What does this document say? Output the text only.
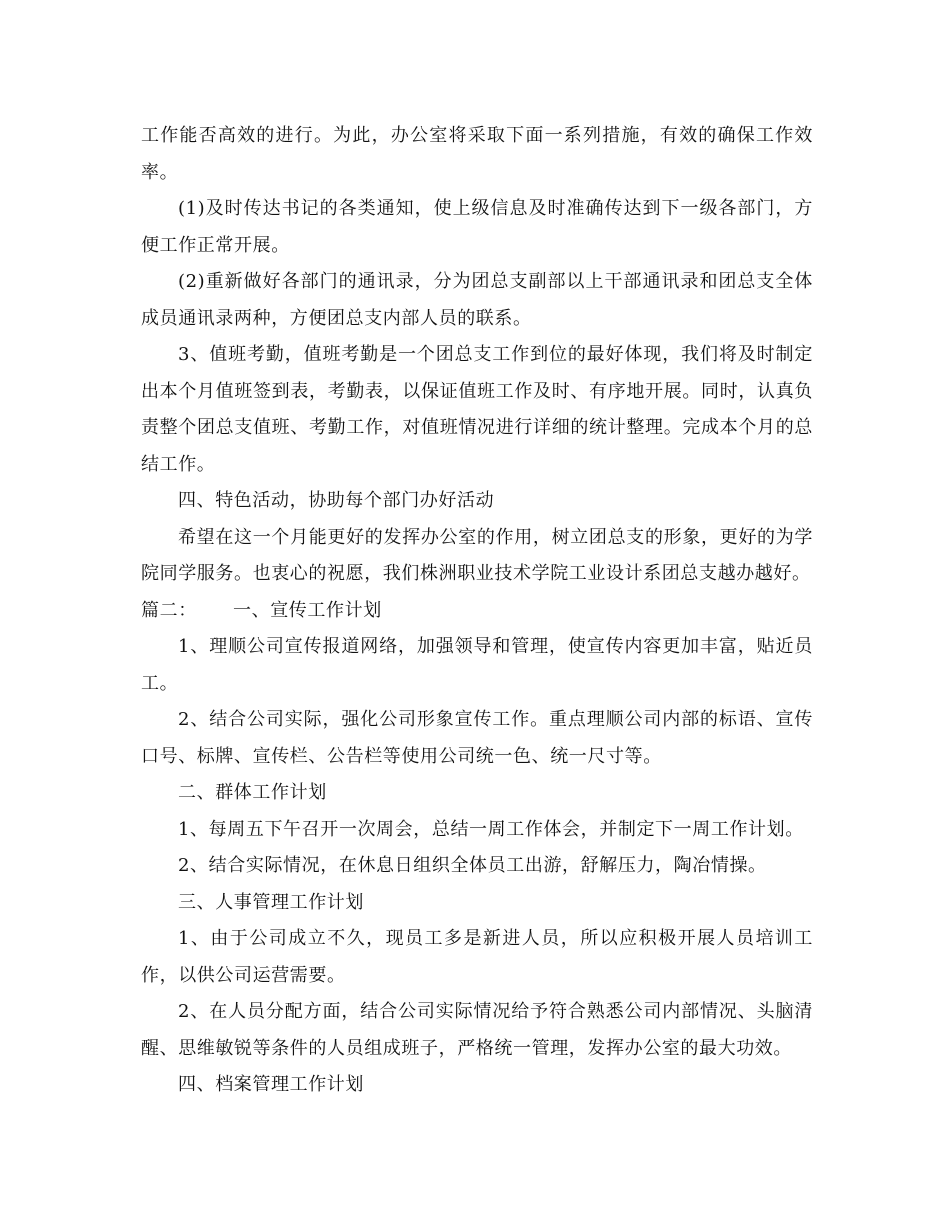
工作能否高效的进行。为此，办公室将采取下面一系列措施，有效的确保工作效率。

(1)及时传达书记的各类通知，使上级信息及时准确传达到下一级各部门，方便工作正常开展。

(2)重新做好各部门的通讯录，分为团总支副部以上干部通讯录和团总支全体成员通讯录两种，方便团总支内部人员的联系。

3、值班考勤，值班考勤是一个团总支工作到位的最好体现，我们将及时制定出本个月值班签到表，考勤表，以保证值班工作及时、有序地开展。同时，认真负责整个团总支值班、考勤工作，对值班情况进行详细的统计整理。完成本个月的总结工作。

四、特色活动，协助每个部门办好活动

希望在这一个月能更好的发挥办公室的作用，树立团总支的形象，更好的为学院同学服务。也衷心的祝愿，我们株洲职业技术学院工业设计系团总支越办越好。

篇二：	一、宣传工作计划

1、理顺公司宣传报道网络，加强领导和管理，使宣传内容更加丰富，贴近员工。

2、结合公司实际，强化公司形象宣传工作。重点理顺公司内部的标语、宣传口号、标牌、宣传栏、公告栏等使用公司统一色、统一尺寸等。

二、群体工作计划

1、每周五下午召开一次周会，总结一周工作体会，并制定下一周工作计划。

2、结合实际情况，在休息日组织全体员工出游，舒解压力，陶冶情操。

三、人事管理工作计划

1、由于公司成立不久，现员工多是新进人员，所以应积极开展人员培训工作，以供公司运营需要。

2、在人员分配方面，结合公司实际情况给予符合熟悉公司内部情况、头脑清醒、思维敏锐等条件的人员组成班子，严格统一管理，发挥办公室的最大功效。

四、档案管理工作计划
